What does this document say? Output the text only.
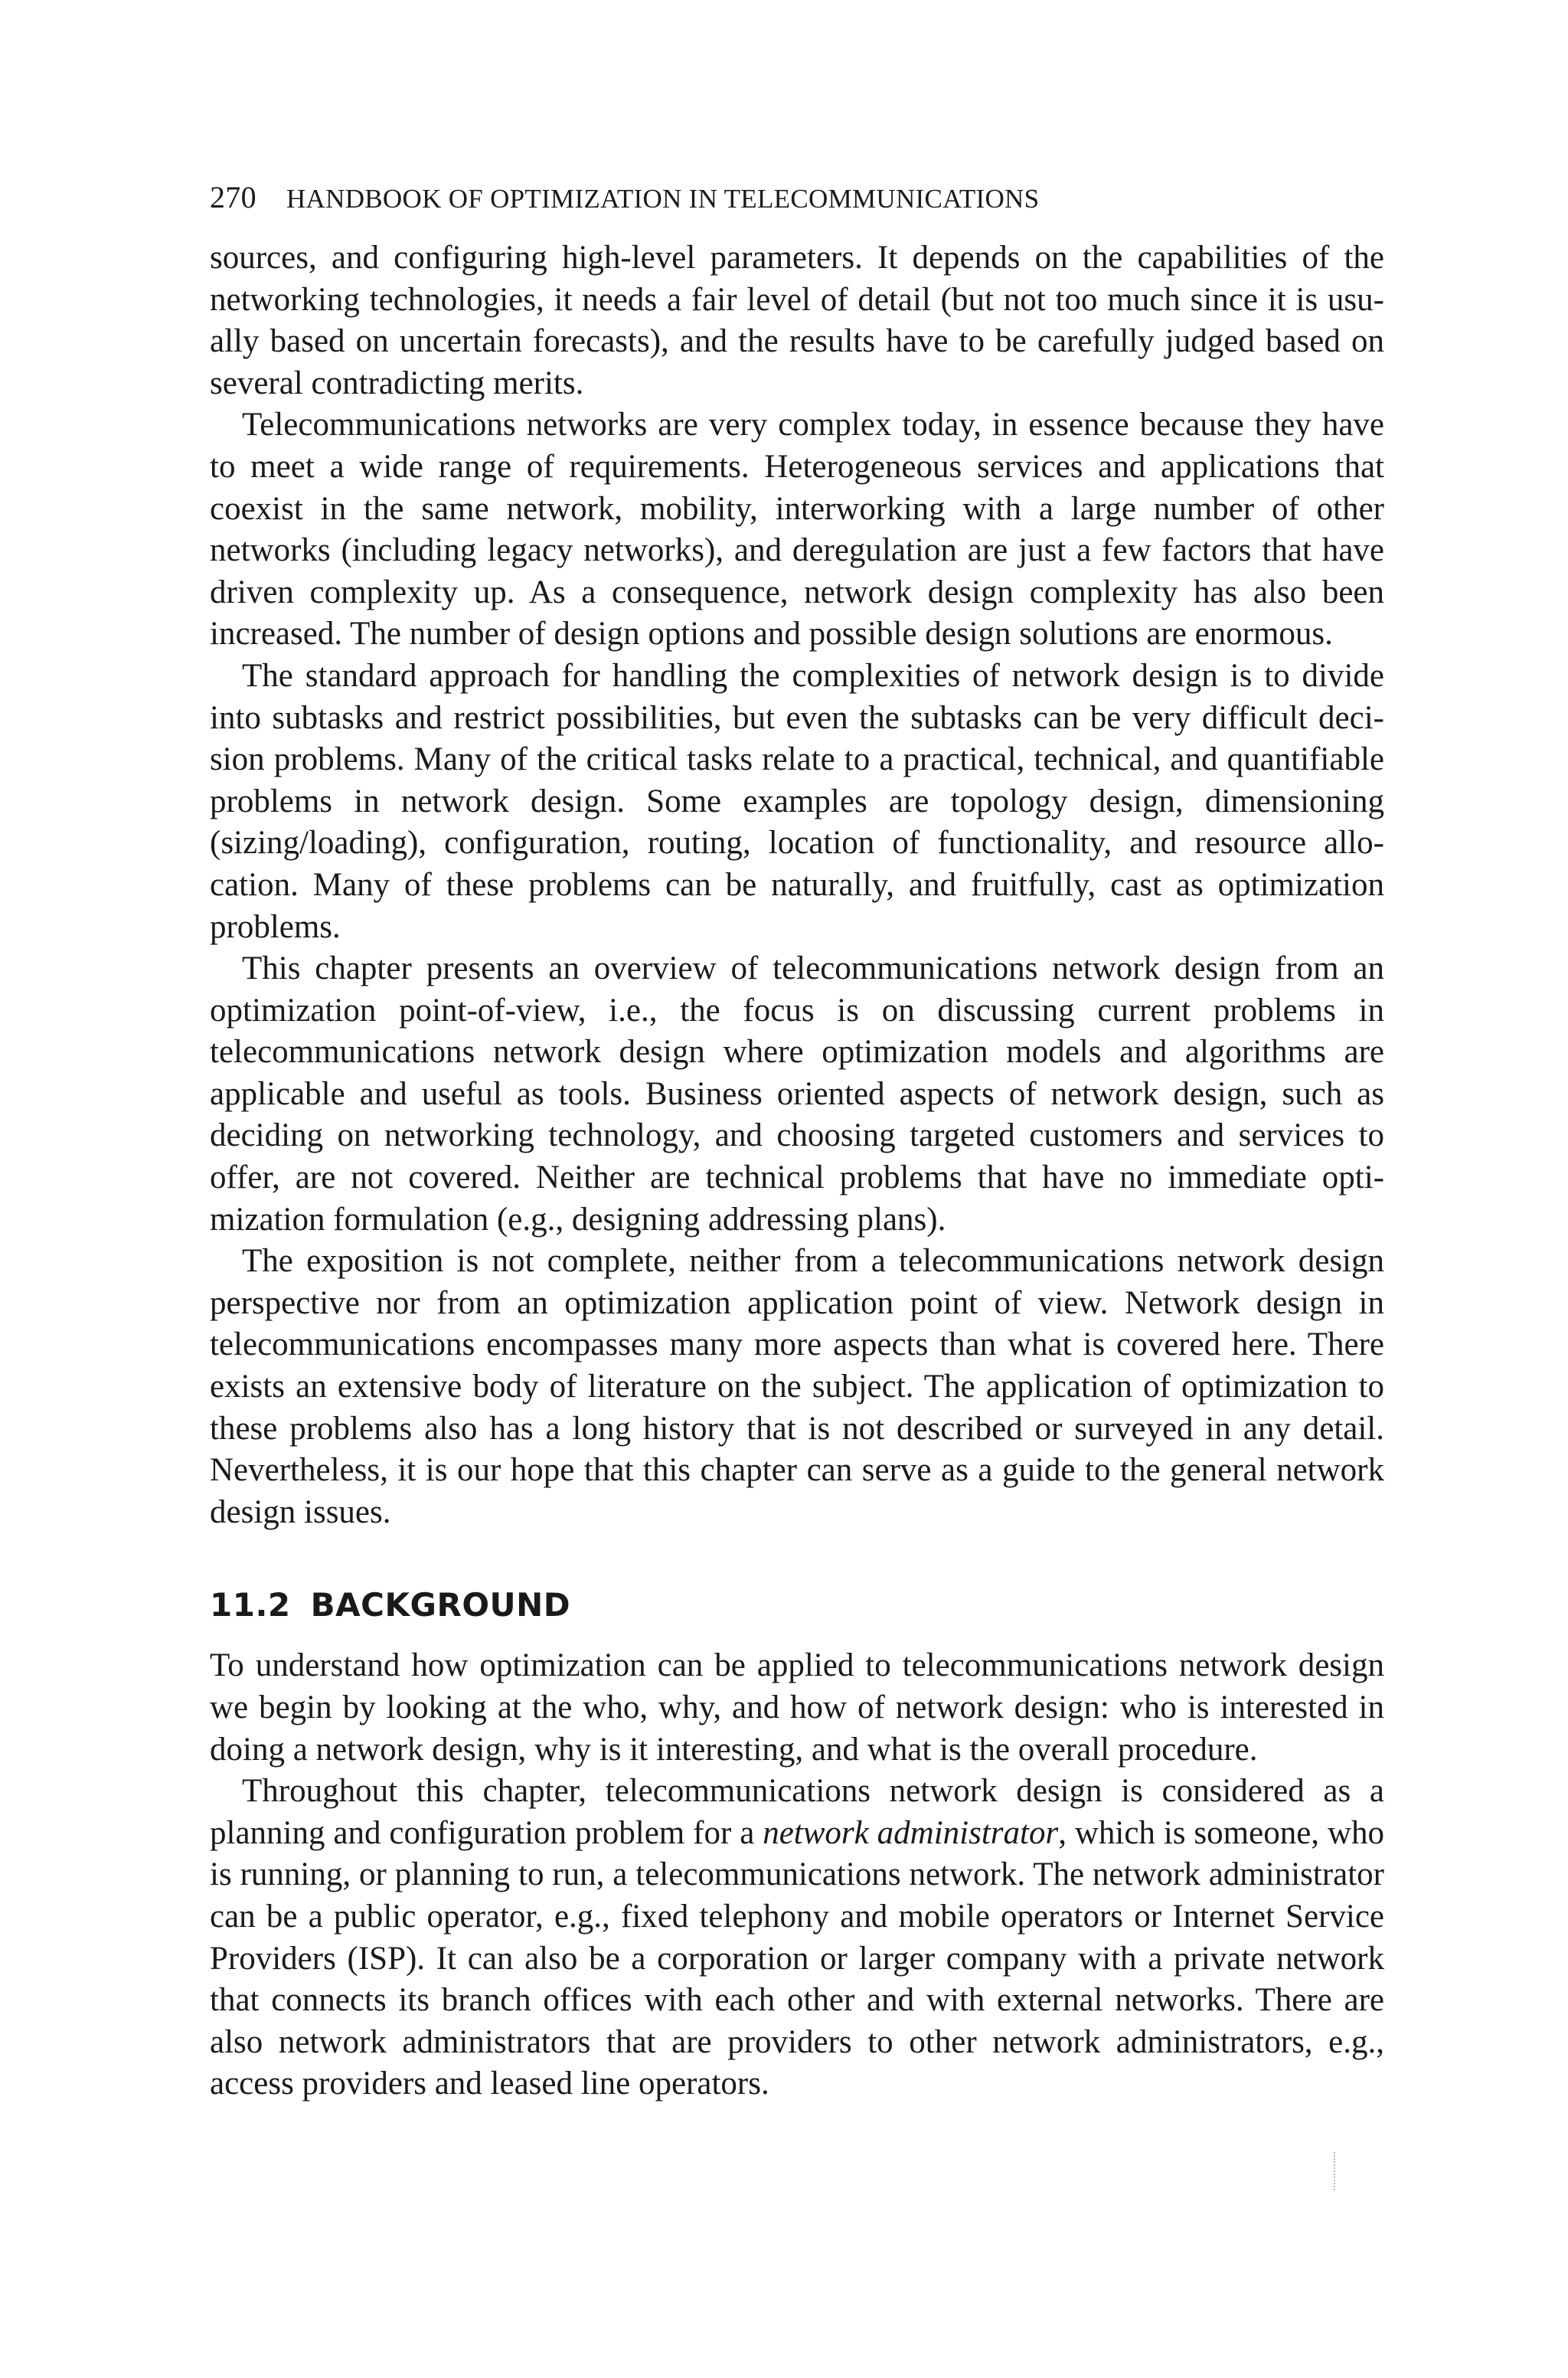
270 HANDBOOK OF OPTIMIZATION IN TELECOMMUNICATIONS

sources, and configuring high-level parameters. It depends on the capabilities of the networking technologies, it needs a fair level of detail (but not too much since it is usually based on uncertain forecasts), and the results have to be carefully judged based on several contradicting merits.

Telecommunications networks are very complex today, in essence because they have to meet a wide range of requirements. Heterogeneous services and applications that coexist in the same network, mobility, interworking with a large number of other networks (including legacy networks), and deregulation are just a few factors that have driven complexity up. As a consequence, network design complexity has also been increased. The number of design options and possible design solutions are enormous.

The standard approach for handling the complexities of network design is to divide into subtasks and restrict possibilities, but even the subtasks can be very difficult decision problems. Many of the critical tasks relate to a practical, technical, and quantifiable problems in network design. Some examples are topology design, dimensioning (sizing/loading), configuration, routing, location of functionality, and resource allocation. Many of these problems can be naturally, and fruitfully, cast as optimization problems.

This chapter presents an overview of telecommunications network design from an optimization point-of-view, i.e., the focus is on discussing current problems in telecommunications network design where optimization models and algorithms are applicable and useful as tools. Business oriented aspects of network design, such as deciding on networking technology, and choosing targeted customers and services to offer, are not covered. Neither are technical problems that have no immediate optimization formulation (e.g., designing addressing plans).

The exposition is not complete, neither from a telecommunications network design perspective nor from an optimization application point of view. Network design in telecommunications encompasses many more aspects than what is covered here. There exists an extensive body of literature on the subject. The application of optimization to these problems also has a long history that is not described or surveyed in any detail. Nevertheless, it is our hope that this chapter can serve as a guide to the general network design issues.

11.2 BACKGROUND

To understand how optimization can be applied to telecommunications network design we begin by looking at the who, why, and how of network design: who is interested in doing a network design, why is it interesting, and what is the overall procedure.

Throughout this chapter, telecommunications network design is considered as a planning and configuration problem for a network administrator, which is someone, who is running, or planning to run, a telecommunications network. The network administrator can be a public operator, e.g., fixed telephony and mobile operators or Internet Service Providers (ISP). It can also be a corporation or larger company with a private network that connects its branch offices with each other and with external networks. There are also network administrators that are providers to other network administrators, e.g., access providers and leased line operators.
